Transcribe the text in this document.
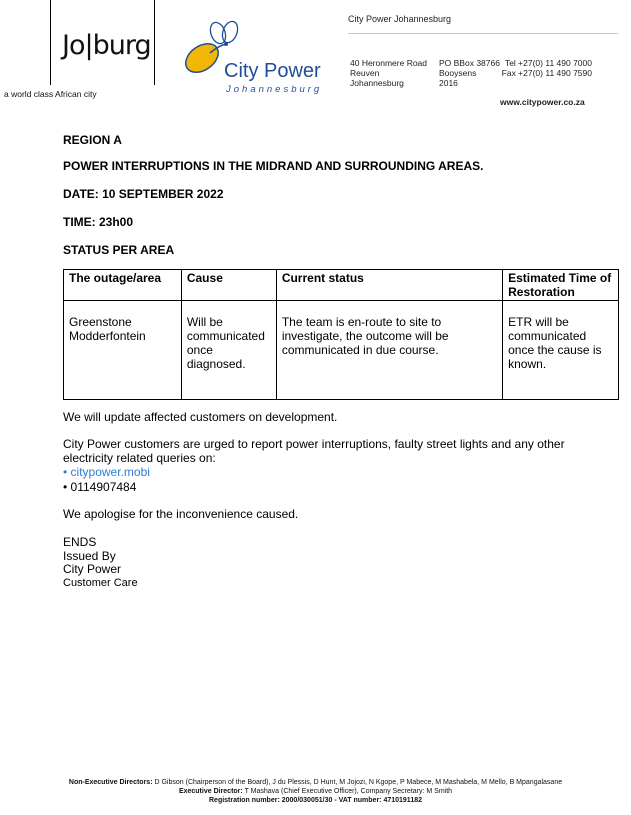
Jo|burg
a world class African city
City Power
Johannesburg
City Power Johannesburg
40 Heronmere Road
Reuven
Johannesburg
PO BBox 38766
Booysens
2016
Tel +27(0) 11 490 7000
Fax +27(0) 11 490 7590
www.citypower.co.za
REGION A
POWER INTERRUPTIONS IN THE MIDRAND AND SURROUNDING AREAS.
DATE: 10 SEPTEMBER 2022
TIME: 23h00
STATUS PER AREA
The outage/area	Cause	Current status	Estimated Time of Restoration

Greenstone
Modderfontein	Will be communicated once diagnosed.	The team is en-route to site to investigate, the outcome will be communicated in due course.	ETR will be communicated once the cause is known.
We will update affected customers on development.
City Power customers are urged to report power interruptions, faulty street lights and any other electricity related queries on:
• citypower.mobi
• 0114907484
We apologise for the inconvenience caused.
ENDS
Issued By
City Power
Customer Care
Non-Executive Directors: D Gibson (Chairperson of the Board), J du Plessis, D Hunt, M Jojozi, N Kgope, P Mabece, M Mashabela, M Mello, B Mpangalasane
Executive Director: T Mashava (Chief Executive Officer), Company Secretary: M Smith
Registration number: 2000/030051/30 - VAT number: 4710191182
